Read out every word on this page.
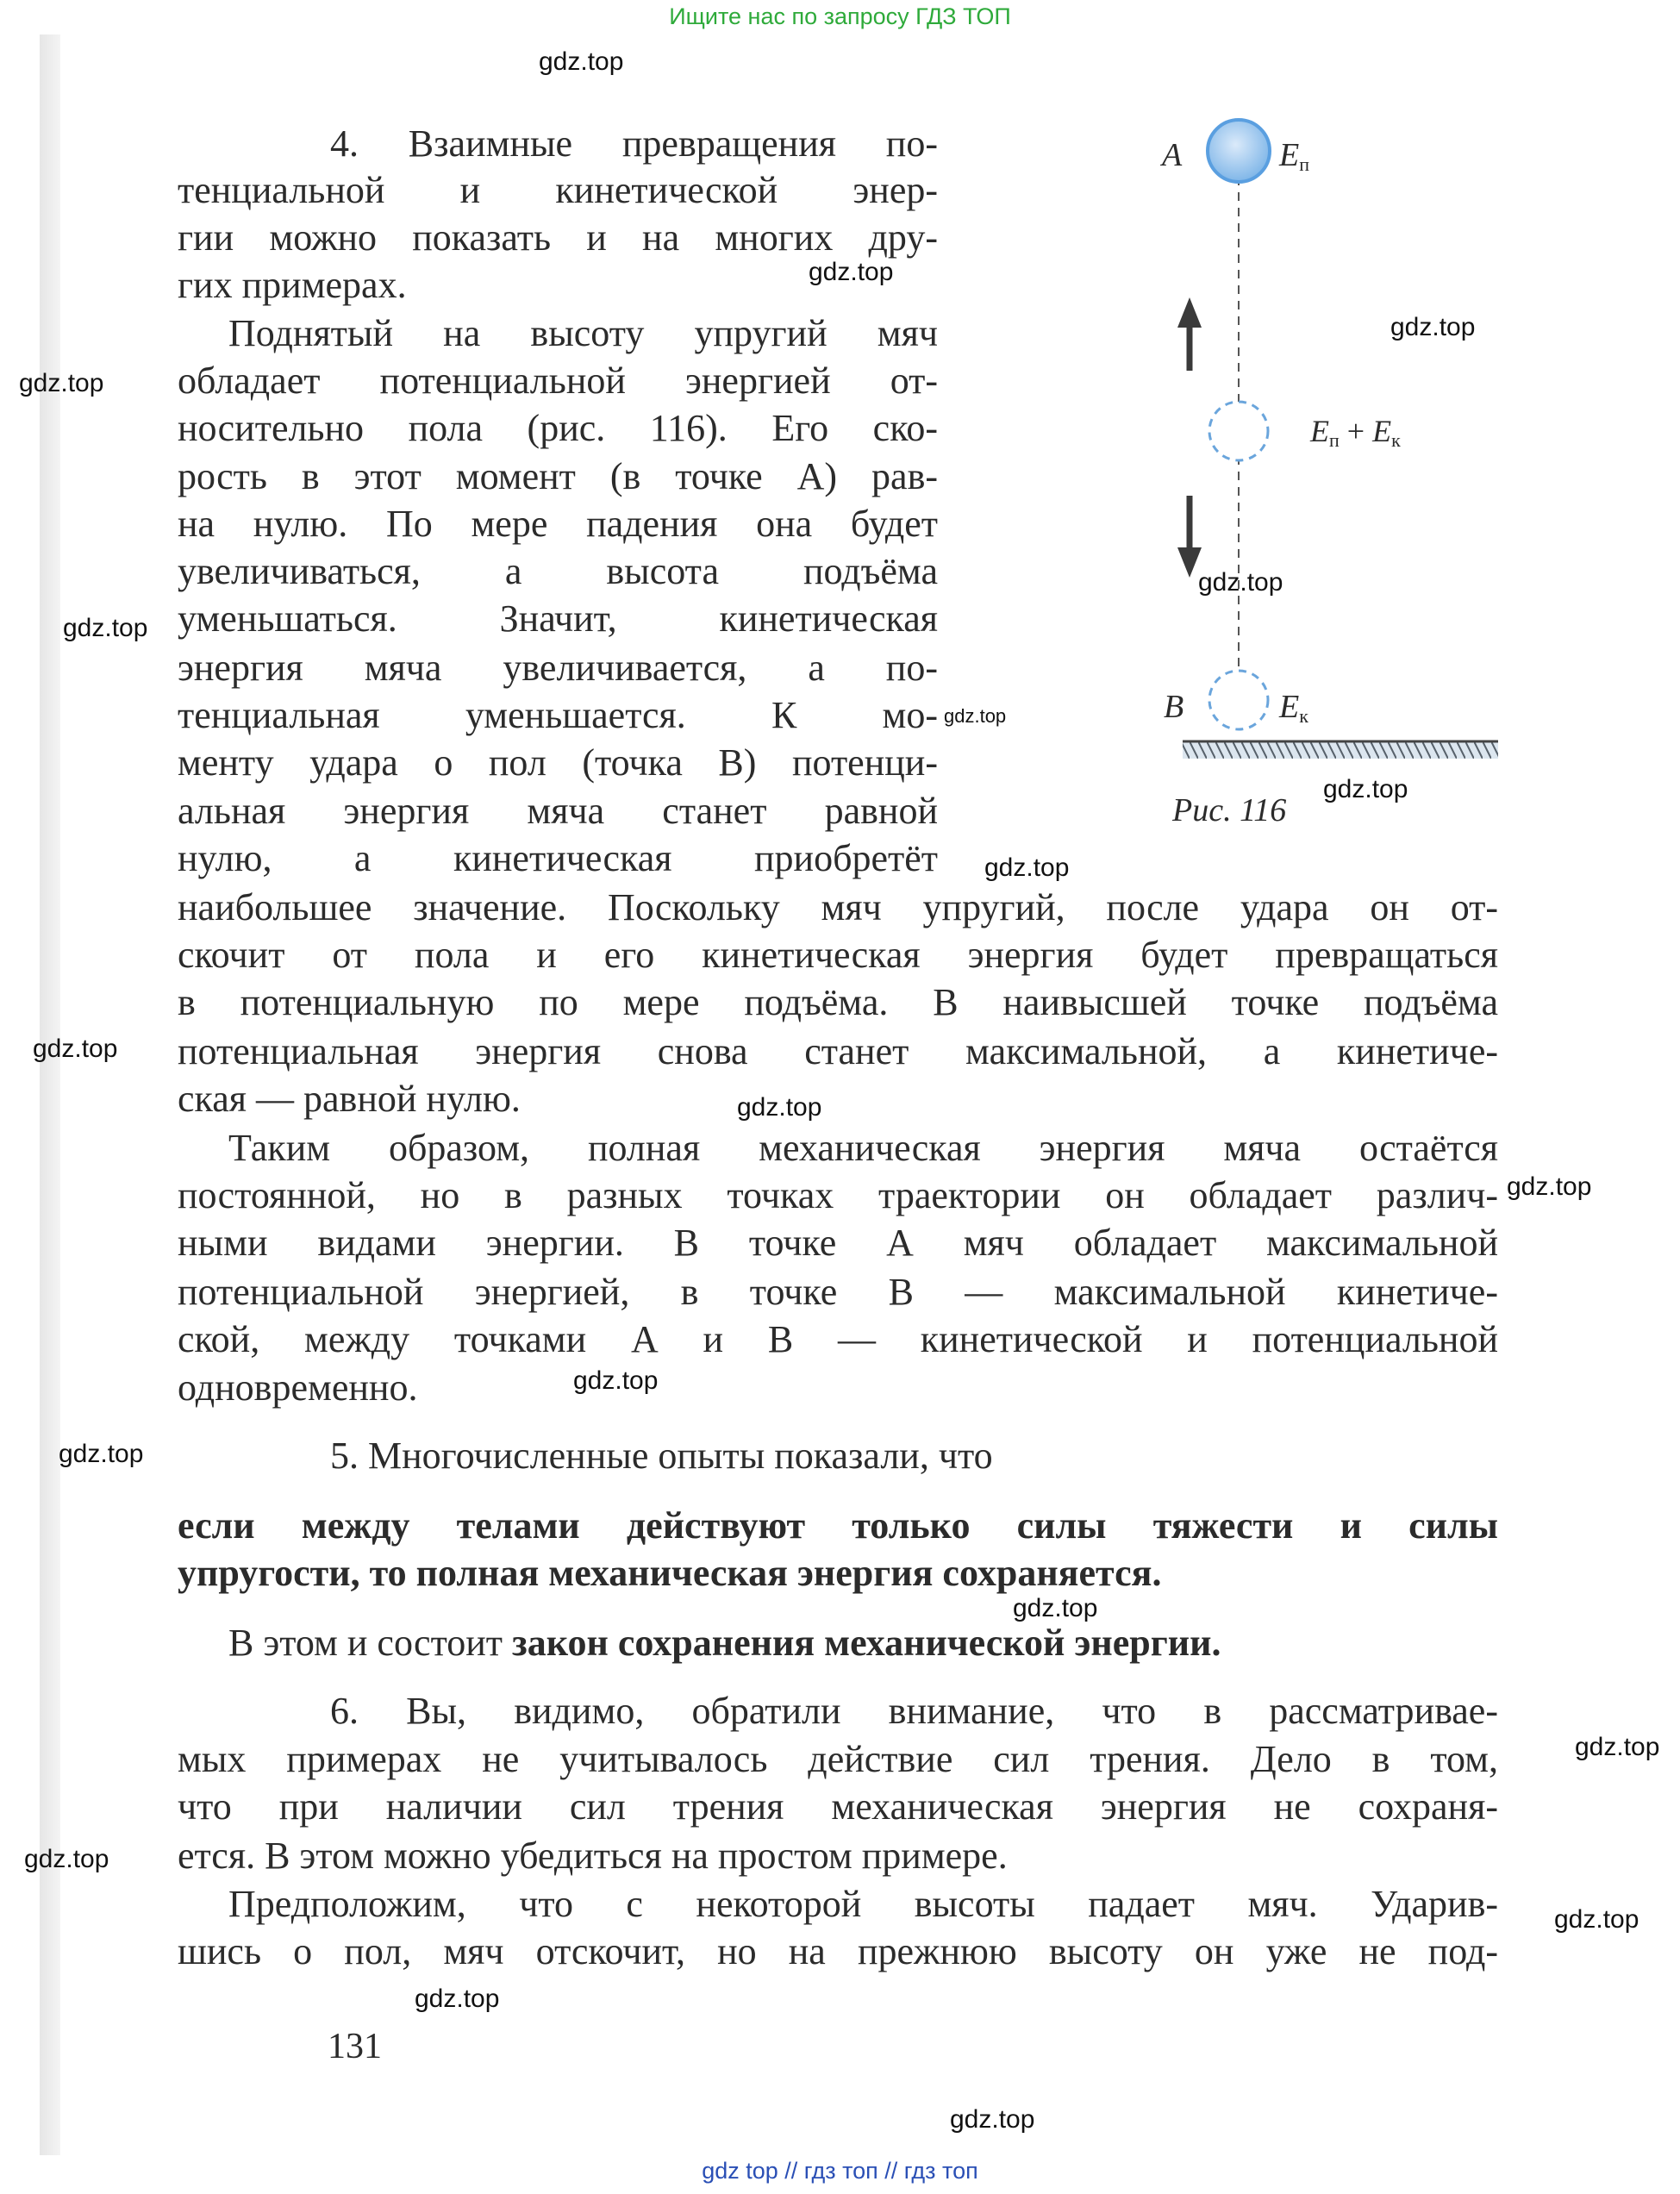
Ищите нас по запросу ГДЗ ТОП
4. Взаимные превращения по-
тенциальной и кинетической энер-
гии можно показать и на многих дру-
гих примерах.
Поднятый на высоту упругий мяч
обладает потенциальной энергией от-
носительно пола (рис. 116). Его ско-
рость в этот момент (в точке А) рав-
на нулю. По мере падения она будет
увеличиваться, а высота подъёма
уменьшаться. Значит, кинетическая
энергия мяча увеличивается, а по-
тенциальная уменьшается. К мо-
менту удара о пол (точка В) потенци-
альная энергия мяча станет равной
нулю, а кинетическая приобретёт
наибольшее значение. Поскольку мяч упругий, после удара он от-
скочит от пола и его кинетическая энергия будет превращаться
в потенциальную по мере подъёма. В наивысшей точке подъёма
потенциальная энергия снова станет максимальной, а кинетиче-
ская — равной нулю.
Таким образом, полная механическая энергия мяча остаётся
постоянной, но в разных точках траектории он обладает различ-
ными видами энергии. В точке А мяч обладает максимальной
потенциальной энергией, в точке В — максимальной кинетиче-
ской, между точками А и В — кинетической и потенциальной
одновременно.
5. Многочисленные опыты показали, что
если между телами действуют только силы тяжести и силы
упругости, то полная механическая энергия сохраняется.
В этом и состоит закон сохранения механической энергии.
6. Вы, видимо, обратили внимание, что в рассматривае-
мых примерах не учитывалось действие сил трения. Дело в том,
что при наличии сил трения механическая энергия не сохраня-
ется. В этом можно убедиться на простом примере.
Предположим, что с некоторой высоты падает мяч. Ударив-
шись о пол, мяч отскочит, но на прежнюю высоту он уже не под-
131
A	Eп
Eп + Eк
B	Eк
Рис. 116
gdz.top
gdz.top
gdz.top
gdz.top
gdz.top
gdz.top
gdz.top
gdz.top
gdz.top
gdz.top
gdz.top
gdz.top
gdz.top
gdz.top
gdz.top
gdz.top
gdz.top
gdz.top
gdz.top
gdz.top
gdz top // гдз топ // гдз топ
